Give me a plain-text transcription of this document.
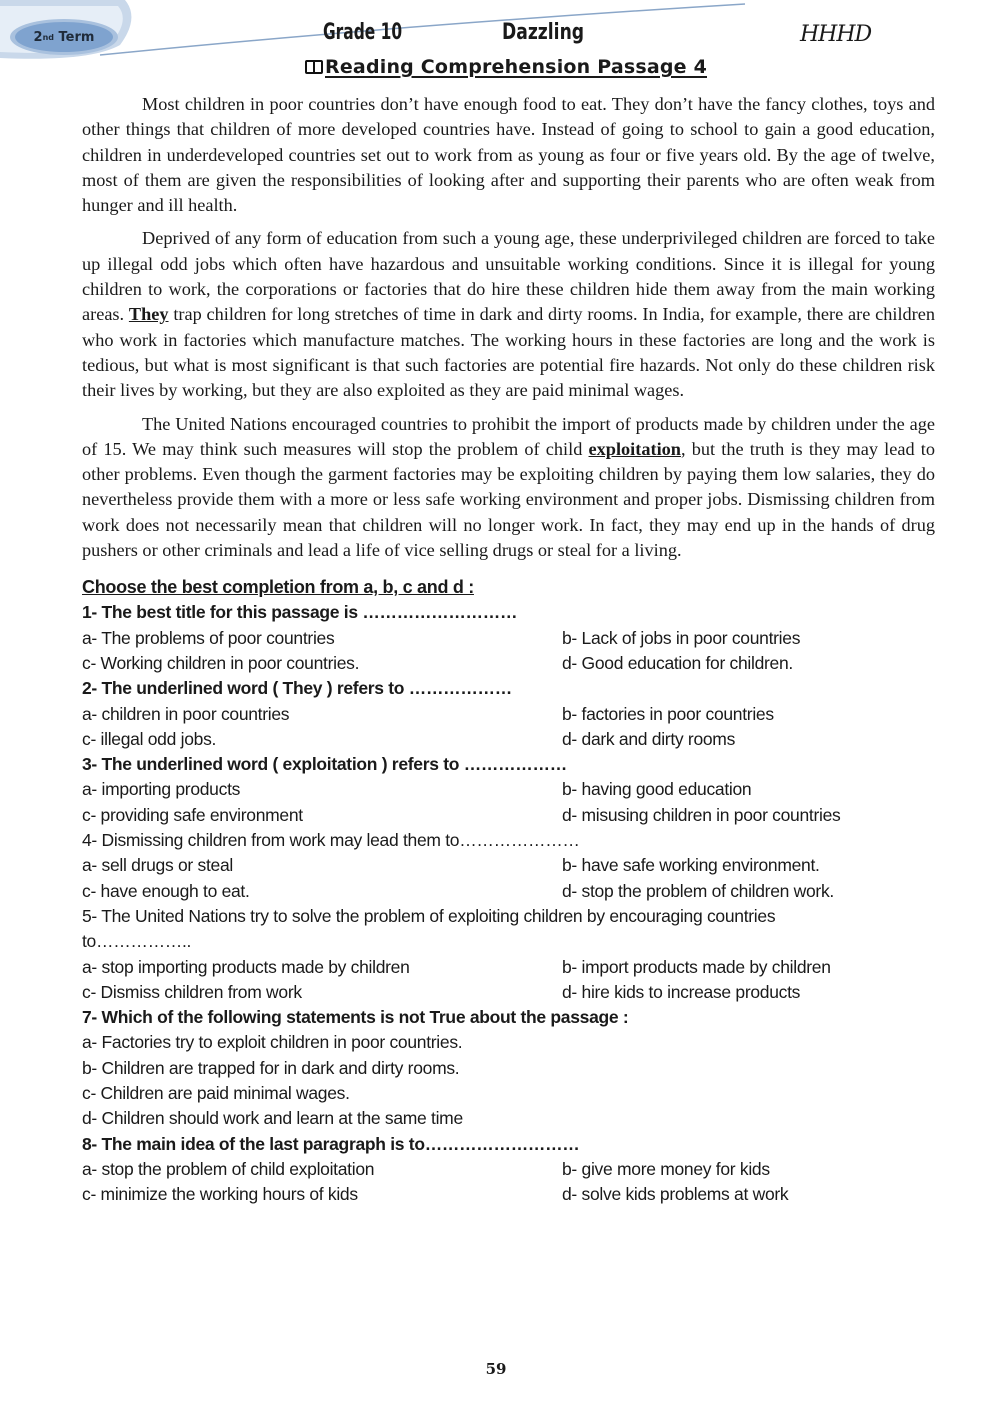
2 nd
Term	Grade 10	Dazzling	HHHD
Reading Comprehension Passage 4

Most children in poor countries don’t have enough food to eat. They don’t have the fancy clothes, toys and other things that children of more developed countries have. Instead of going to school to gain a good education, children in underdeveloped countries set out to work from as young as four or five years old. By the age of twelve, most of them are given the responsibilities of looking after and supporting their parents who are often weak from hunger and ill health.

Deprived of any form of education from such a young age, these underprivileged children are forced to take up illegal odd jobs which often have hazardous and unsuitable working conditions. Since it is illegal for young children to work, the corporations or factories that do hire these children hide them away from the main working areas. They trap children for long stretches of time in dark and dirty rooms. In India, for example, there are children who work in factories which manufacture matches. The working hours in these factories are long and the work is tedious, but what is most significant is that such factories are potential fire hazards. Not only do these children risk their lives by working, but they are also exploited as they are paid minimal wages.

The United Nations encouraged countries to prohibit the import of products made by children under the age of 15. We may think such measures will stop the problem of child exploitation, but the truth is they may lead to other problems. Even though the garment factories may be exploiting children by paying them low salaries, they do nevertheless provide them with a more or less safe working environment and proper jobs. Dismissing children from work does not necessarily mean that children will no longer work. In fact, they may end up in the hands of drug pushers or other criminals and lead a life of vice selling drugs or steal for a living.

Choose the best completion from a, b, c and d :
1- The best title for this passage is ………………………
a- The problems of poor countries	b- Lack of jobs in poor countries
c- Working children in poor countries.	d- Good education for children.
2- The underlined word ( They ) refers to ………………
a- children in poor countries	b- factories in poor countries
c- illegal odd jobs.	d- dark and dirty rooms
3- The underlined word ( exploitation ) refers to ………………
a- importing products	b- having good education
c- providing safe environment	d- misusing children in poor countries
4- Dismissing children from work may lead them to…………………
a- sell drugs or steal	b- have safe working environment.
c- have enough to eat.	d- stop the problem of children work.
5- The United Nations try to solve the problem of exploiting children by encouraging countries to……………..
a- stop importing products made by children	b- import products made by children
c- Dismiss children from work	d- hire kids to increase products
7- Which of the following statements is not True about the passage :
a- Factories try to exploit children in poor countries.
b- Children are trapped for in dark and dirty rooms.
c- Children are paid minimal wages.
d- Children should work and learn at the same time
8- The main idea of the last paragraph is to………………………
a- stop the problem of child exploitation	b- give more money for kids
c- minimize the working hours of kids	d- solve kids problems at work
59
